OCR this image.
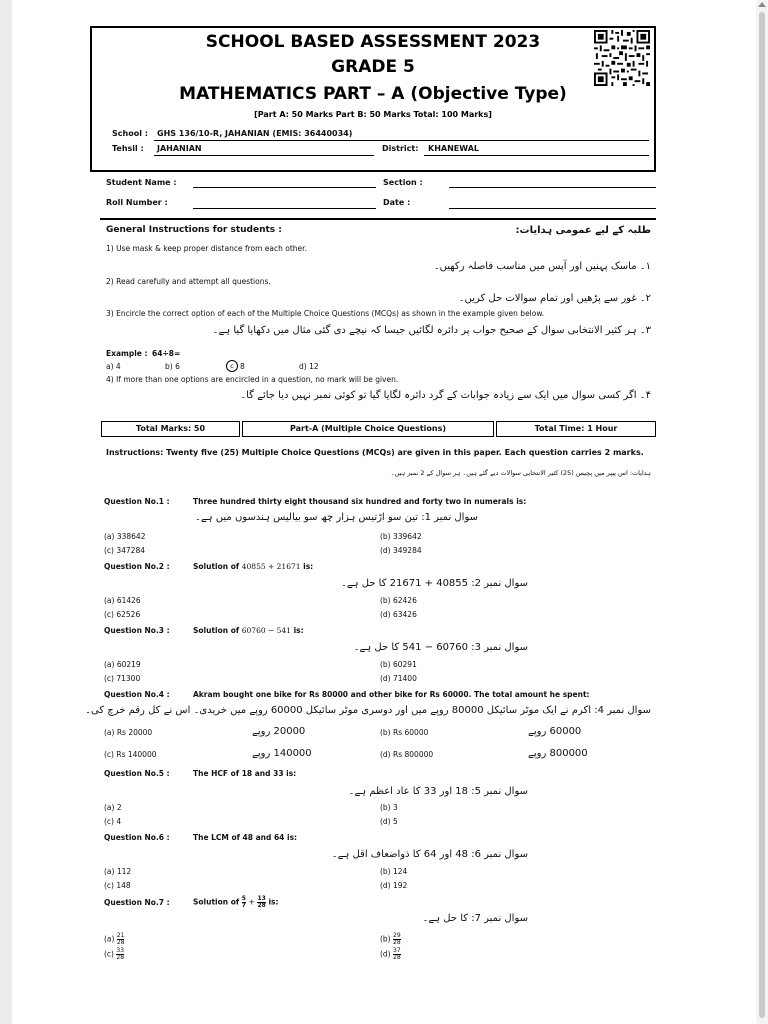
SCHOOL BASED ASSESSMENT 2023
GRADE 5
MATHEMATICS PART – A (Objective Type)
[Part A: 50 Marks Part B: 50 Marks Total: 100 Marks]
School : GHS 136/10-R, JAHANIAN (EMIS: 36440034)
Tehsil : JAHANIAN	District: KHANEWAL
Student Name :	Section :
Roll Number :	Date :
General Instructions for students :	طلبہ کے لیے عمومی ہدایات:
1) Use mask & keep proper distance from each other.
۱۔ ماسک پہنیں اور آپس میں مناسب فاصلہ رکھیں۔
2) Read carefully and attempt all questions.
۲۔ غور سے پڑھیں اور تمام سوالات حل کریں۔
3) Encircle the correct option of each of the Multiple Choice Questions (MCQs) as shown in the example given below.
۳۔ ہر کثیر الانتخابی سوال کے صحیح جواب پر دائرہ لگائیں جیسا کہ نیچے دی گئی مثال میں دکھایا گیا ہے۔
Example : 64÷8=
a) 4	b) 6	c 8	d) 12
4) If more than one options are encircled in a question, no mark will be given.
۴۔ اگر کسی سوال میں ایک سے زیادہ جوابات کے گرد دائرہ لگایا گیا تو کوئی نمبر نہیں دیا جائے گا۔
Total Marks: 50	Part-A (Multiple Choice Questions)	Total Time: 1 Hour
Instructions: Twenty five (25) Multiple Choice Questions (MCQs) are given in this paper. Each question carries 2 marks.
ہدایات: اس پیپر میں پچیس (25) کثیر الانتخابی سوالات دیے گئے ہیں۔ ہر سوال کے 2 نمبر ہیں۔
Question No.1 :	Three hundred thirty eight thousand six hundred and forty two in numerals is:
سوال نمبر 1: تین سو اڑتیس ہزار چھ سو بیالیس ہندسوں میں ہے۔
(a) 338642	(b) 339642
(c) 347284	(d) 349284
Question No.2 :	Solution of 40855 + 21671 is:
سوال نمبر 2: 40855 + 21671 کا حل ہے۔
(a) 61426	(b) 62426
(c) 62526	(d) 63426
Question No.3 :	Solution of 60760 − 541 is:
سوال نمبر 3: 60760 − 541 کا حل ہے۔
(a) 60219	(b) 60291
(c) 71300	(d) 71400
Question No.4 :	Akram bought one bike for Rs 80000 and other bike for Rs 60000. The total amount he spent:
سوال نمبر 4: اکرم نے ایک موٹر سائیکل 80000 روپے میں اور دوسری موٹر سائیکل 60000 روپے میں خریدی۔ اس نے کل رقم خرچ کی۔
(a) Rs 20000	20000 روپے	(b) Rs 60000	60000 روپے
(c) Rs 140000	140000 روپے	(d) Rs 800000	800000 روپے
Question No.5 :	The HCF of 18 and 33 is:
سوال نمبر 5: 18 اور 33 کا عاد اعظم ہے۔
(a) 2	(b) 3
(c) 4	(d) 5
Question No.6 :	The LCM of 48 and 64 is:
سوال نمبر 6: 48 اور 64 کا ذواضعاف اقل ہے۔
(a) 112	(b) 124
(c) 148	(d) 192
Question No.7 :	Solution of $\frac{5}{7} + \frac{13}{28}$ is:
سوال نمبر 7: کا حل ہے۔
$(a) \frac{21}{28}$	$(b) \frac{29}{28}$
$(c) \frac{33}{28}$	$(d) \frac{37}{28}$
